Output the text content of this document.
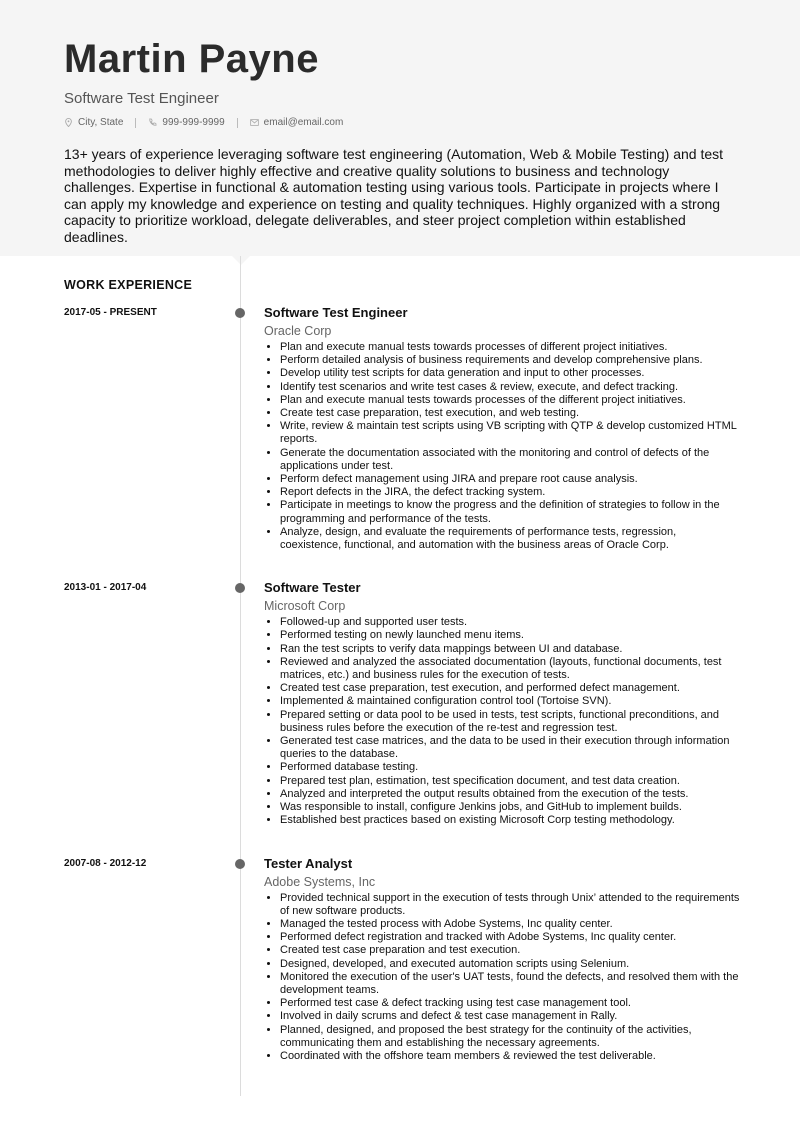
Martin Payne
Software Test Engineer
City, State	999-999-9999	email@email.com
13+ years of experience leveraging software test engineering (Automation, Web & Mobile Testing) and test methodologies to deliver highly effective and creative quality solutions to business and technology challenges. Expertise in functional & automation testing using various tools. Participate in projects where I can apply my knowledge and experience on testing and quality techniques. Highly organized with a strong capacity to prioritize workload, delegate deliverables, and steer project completion within established deadlines.
WORK EXPERIENCE
2017-05 - PRESENT	Software Test Engineer
Oracle Corp
• Plan and execute manual tests towards processes of different project initiatives.
• Perform detailed analysis of business requirements and develop comprehensive plans.
• Develop utility test scripts for data generation and input to other processes.
• Identify test scenarios and write test cases & review, execute, and defect tracking.
• Plan and execute manual tests towards processes of the different project initiatives.
• Create test case preparation, test execution, and web testing.
• Write, review & maintain test scripts using VB scripting with QTP & develop customized HTML reports.
• Generate the documentation associated with the monitoring and control of defects of the applications under test.
• Perform defect management using JIRA and prepare root cause analysis.
• Report defects in the JIRA, the defect tracking system.
• Participate in meetings to know the progress and the definition of strategies to follow in the programming and performance of the tests.
• Analyze, design, and evaluate the requirements of performance tests, regression, coexistence, functional, and automation with the business areas of Oracle Corp.
2013-01 - 2017-04	Software Tester
Microsoft Corp
• Followed-up and supported user tests.
• Performed testing on newly launched menu items.
• Ran the test scripts to verify data mappings between UI and database.
• Reviewed and analyzed the associated documentation (layouts, functional documents, test matrices, etc.) and business rules for the execution of tests.
• Created test case preparation, test execution, and performed defect management.
• Implemented & maintained configuration control tool (Tortoise SVN).
• Prepared setting or data pool to be used in tests, test scripts, functional preconditions, and business rules before the execution of the re-test and regression test.
• Generated test case matrices, and the data to be used in their execution through information queries to the database.
• Performed database testing.
• Prepared test plan, estimation, test specification document, and test data creation.
• Analyzed and interpreted the output results obtained from the execution of the tests.
• Was responsible to install, configure Jenkins jobs, and GitHub to implement builds.
• Established best practices based on existing Microsoft Corp testing methodology.
2007-08 - 2012-12	Tester Analyst
Adobe Systems, Inc
• Provided technical support in the execution of tests through Unix’ attended to the requirements of new software products.
• Managed the tested process with Adobe Systems, Inc quality center.
• Performed defect registration and tracked with Adobe Systems, Inc quality center.
• Created test case preparation and test execution.
• Designed, developed, and executed automation scripts using Selenium.
• Monitored the execution of the user's UAT tests, found the defects, and resolved them with the development teams.
• Performed test case & defect tracking using test case management tool.
• Involved in daily scrums and defect & test case management in Rally.
• Planned, designed, and proposed the best strategy for the continuity of the activities, communicating them and establishing the necessary agreements.
• Coordinated with the offshore team members & reviewed the test deliverable.
